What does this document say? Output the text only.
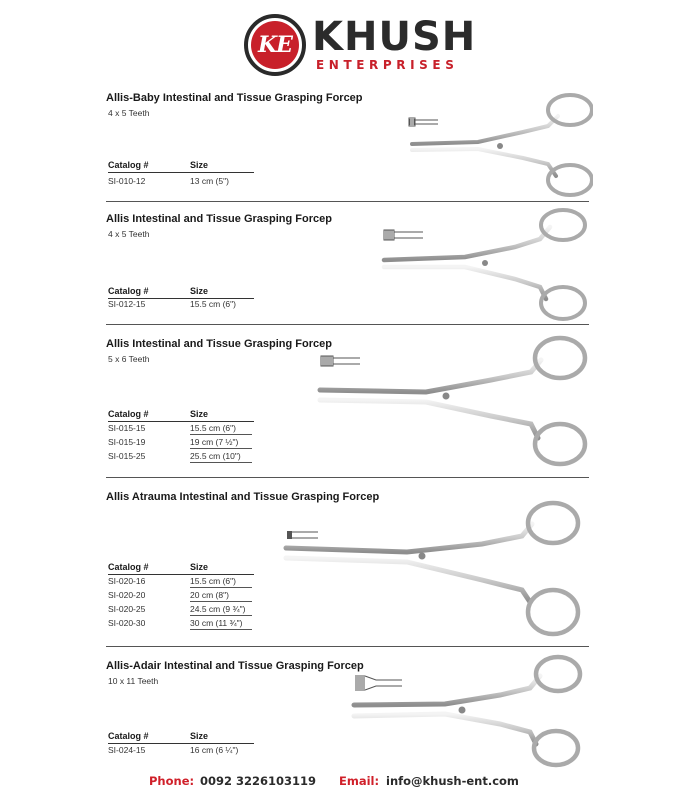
KE KHUSH
ENTERPRISES
Allis-Baby Intestinal and Tissue Grasping Forcep
4 x 5 Teeth
Catalog #	Size
SI-010-12	13 cm (5")
Allis Intestinal and Tissue Grasping Forcep
4 x 5 Teeth
Catalog #	Size
SI-012-15	15.5 cm (6")
Allis Intestinal and Tissue Grasping Forcep
5 x 6 Teeth
Catalog #	Size
SI-015-15	15.5 cm (6")
SI-015-19	19 cm (7 ½")
SI-015-25	25.5 cm (10")
Allis Atrauma Intestinal and Tissue Grasping Forcep
Catalog #	Size
SI-020-16	15.5 cm (6")
SI-020-20	20 cm (8")
SI-020-25	24.5 cm (9 ¾")
SI-020-30	30 cm (11 ¾")
Allis-Adair Intestinal and Tissue Grasping Forcep
10 x 11 Teeth
Catalog #	Size
SI-024-15	16 cm (6 ¼")
Phone: 0092 3226103119 Email: info@khush-ent.com
